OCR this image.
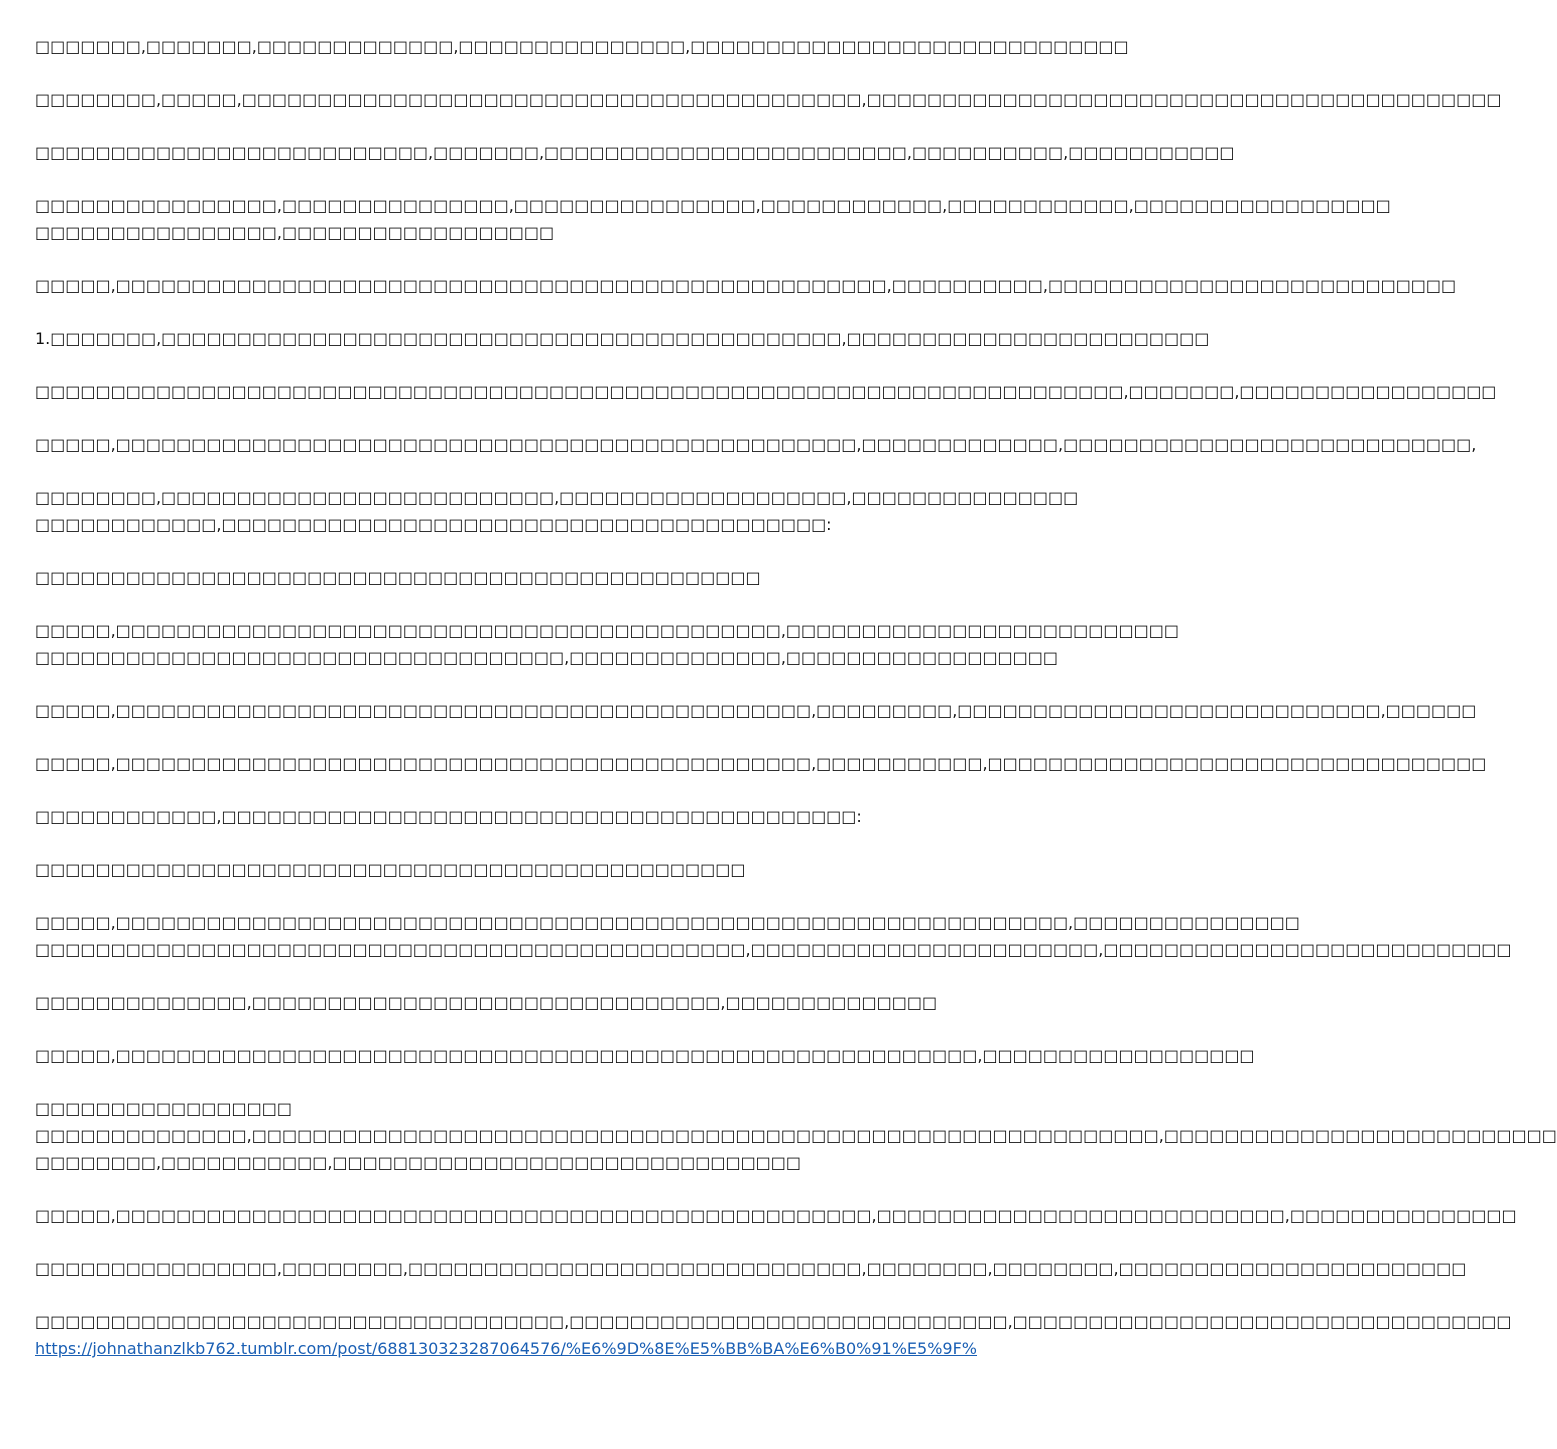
□□□□□□□,□□□□□□□,□□□□□□□□□□□□□,□□□□□□□□□□□□□□□,□□□□□□□□□□□□□□□□□□□□□□□□□□□□□
□□□□□□□□,□□□□□,□□□□□□□□□□□□□□□□□□□□□□□□□□□□□□□□□□□□□□□□□,□□□□□□□□□□□□□□□□□□□□□□□□□□□□□□□□□□□□□□□□□□
□□□□□□□□□□□□□□□□□□□□□□□□□□,□□□□□□□,□□□□□□□□□□□□□□□□□□□□□□□□,□□□□□□□□□□,□□□□□□□□□□□
□□□□□□□□□□□□□□□□,□□□□□□□□□□□□□□□,□□□□□□□□□□□□□□□□,□□□□□□□□□□□□,□□□□□□□□□□□□,□□□□□□□□□□□□□□□□□
□□□□□□□□□□□□□□□□,□□□□□□□□□□□□□□□□□□
□□□□□,□□□□□□□□□□□□□□□□□□□□□□□□□□□□□□□□□□□□□□□□□□□□□□□□□□□,□□□□□□□□□□,□□□□□□□□□□□□□□□□□□□□□□□□□□□
1.□□□□□□□,□□□□□□□□□□□□□□□□□□□□□□□□□□□□□□□□□□□□□□□□□□□□□,□□□□□□□□□□□□□□□□□□□□□□□□
□□□□□□□□□□□□□□□□□□□□□□□□□□□□□□□□□□□□□□□□□□□□□□□□□□□□□□□□□□□□□□□□□□□□□□□□,□□□□□□□,□□□□□□□□□□□□□□□□□
□□□□□,□□□□□□□□□□□□□□□□□□□□□□□□□□□□□□□□□□□□□□□□□□□□□□□□□,□□□□□□□□□□□□□,□□□□□□□□□□□□□□□□□□□□□□□□□□□,
□□□□□□□□,□□□□□□□□□□□□□□□□□□□□□□□□□□,□□□□□□□□□□□□□□□□□□□,□□□□□□□□□□□□□□□
□□□□□□□□□□□□,□□□□□□□□□□□□□□□□□□□□□□□□□□□□□□□□□□□□□□□□:
□□□□□□□□□□□□□□□□□□□□□□□□□□□□□□□□□□□□□□□□□□□□□□□□
□□□□□,□□□□□□□□□□□□□□□□□□□□□□□□□□□□□□□□□□□□□□□□□□□□,□□□□□□□□□□□□□□□□□□□□□□□□□□
□□□□□□□□□□□□□□□□□□□□□□□□□□□□□□□□□□□,□□□□□□□□□□□□□□,□□□□□□□□□□□□□□□□□□
□□□□□,□□□□□□□□□□□□□□□□□□□□□□□□□□□□□□□□□□□□□□□□□□□□□□,□□□□□□□□□,□□□□□□□□□□□□□□□□□□□□□□□□□□□□,□□□□□□
□□□□□,□□□□□□□□□□□□□□□□□□□□□□□□□□□□□□□□□□□□□□□□□□□□□□,□□□□□□□□□□□,□□□□□□□□□□□□□□□□□□□□□□□□□□□□□□□□□
□□□□□□□□□□□□,□□□□□□□□□□□□□□□□□□□□□□□□□□□□□□□□□□□□□□□□□□:
□□□□□□□□□□□□□□□□□□□□□□□□□□□□□□□□□□□□□□□□□□□□□□□
□□□□□,□□□□□□□□□□□□□□□□□□□□□□□□□□□□□□□□□□□□□□□□□□□□□□□□□□□□□□□□□□□□□□□,□□□□□□□□□□□□□□□
□□□□□□□□□□□□□□□□□□□□□□□□□□□□□□□□□□□□□□□□□□□□□□□,□□□□□□□□□□□□□□□□□□□□□□□,□□□□□□□□□□□□□□□□□□□□□□□□□□□
□□□□□□□□□□□□□□,□□□□□□□□□□□□□□□□□□□□□□□□□□□□□□□,□□□□□□□□□□□□□□
□□□□□,□□□□□□□□□□□□□□□□□□□□□□□□□□□□□□□□□□□□□□□□□□□□□□□□□□□□□□□□□,□□□□□□□□□□□□□□□□□□
□□□□□□□□□□□□□□□□□
□□□□□□□□□□□□□□,□□□□□□□□□□□□□□□□□□□□□□□□□□□□□□□□□□□□□□□□□□□□□□□□□□□□□□□□□□□□,□□□□□□□□□□□□□□□□□□□□□□□□□□
□□□□□□□□,□□□□□□□□□□□,□□□□□□□□□□□□□□□□□□□□□□□□□□□□□□□
□□□□□,□□□□□□□□□□□□□□□□□□□□□□□□□□□□□□□□□□□□□□□□□□□□□□□□□□,□□□□□□□□□□□□□□□□□□□□□□□□□□□,□□□□□□□□□□□□□□□
□□□□□□□□□□□□□□□□,□□□□□□□□,□□□□□□□□□□□□□□□□□□□□□□□□□□□□□□,□□□□□□□□,□□□□□□□□,□□□□□□□□□□□□□□□□□□□□□□□
□□□□□□□□□□□□□□□□□□□□□□□□□□□□□□□□□□□,□□□□□□□□□□□□□□□□□□□□□□□□□□□□□,□□□□□□□□□□□□□□□□□□□□□□□□□□□□□□□□□
https://johnathanzlkb762.tumblr.com/post/688130323287064576/%E6%9D%8E%E5%BB%BA%E6%B0%91%E5%9F%
